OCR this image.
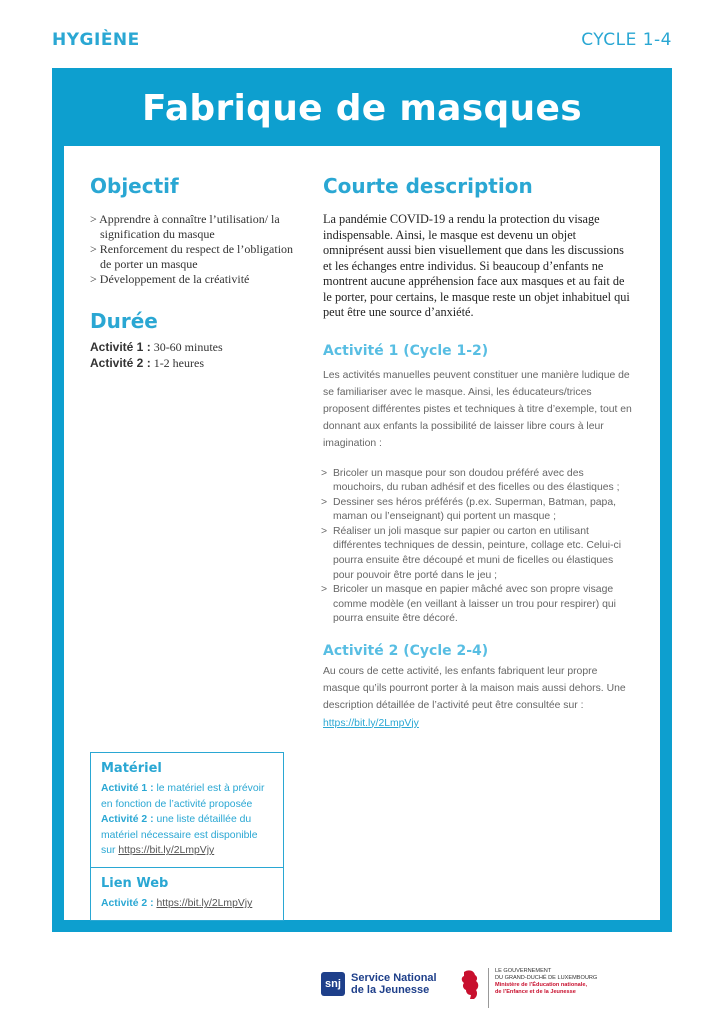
HYGIÈNE	CYCLE 1-4
Fabrique de masques
Objectif
> Apprendre à connaître l’utilisation/ la signification du masque
> Renforcement du respect de l’obligation de porter un masque
> Développement de la créativité
Durée
Activité 1 : 30-60 minutes
Activité 2 : 1-2 heures
Courte description

La pandémie COVID-19 a rendu la protection du visage indispensable. Ainsi, le masque est devenu un objet omniprésent aussi bien visuellement que dans les discussions et les échanges entre individus. Si beaucoup d’enfants ne montrent aucune appréhension face aux masques et au fait de le porter, pour certains, le masque reste un objet inhabituel qui peut être une source d’anxiété.

Activité 1 (Cycle 1-2)

Les activités manuelles peuvent constituer une manière ludique de se familiariser avec le masque. Ainsi, les éducateurs/trices proposent différentes pistes et techniques à titre d’exemple, tout en donnant aux enfants la possibilité de laisser libre cours à leur imagination :

> Bricoler un masque pour son doudou préféré avec des mouchoirs, du ruban adhésif et des ficelles ou des élastiques ;
> Dessiner ses héros préférés (p.ex. Superman, Batman, papa, maman ou l’enseignant) qui portent un masque ;
> Réaliser un joli masque sur papier ou carton en utilisant différentes techniques de dessin, peinture, collage etc. Celui-ci pourra ensuite être découpé et muni de ficelles ou élastiques pour pouvoir être porté dans le jeu ;
> Bricoler un masque en papier mâché avec son propre visage comme modèle (en veillant à laisser un trou pour respirer) qui pourra ensuite être décoré.
Activité 2 (Cycle 2-4)

Au cours de cette activité, les enfants fabriquent leur propre masque qu’ils pourront porter à la maison mais aussi dehors. Une description détaillée de l’activité peut être consultée sur : https://bit.ly/2LmpVjy

Matériel
Activité 1 : le matériel est à prévoir en fonction de l’activité proposée
Activité 2 : une liste détaillée du matériel nécessaire est disponible sur https://bit.ly/2LmpVjy
Lien Web
Activité 2 : https://bit.ly/2LmpVjy
snj Service National
de la Jeunesse
LE GOUVERNEMENT
DU GRAND-DUCHÉ DE LUXEMBOURG
Ministère de l’Éducation nationale,
de l’Enfance et de la Jeunesse
